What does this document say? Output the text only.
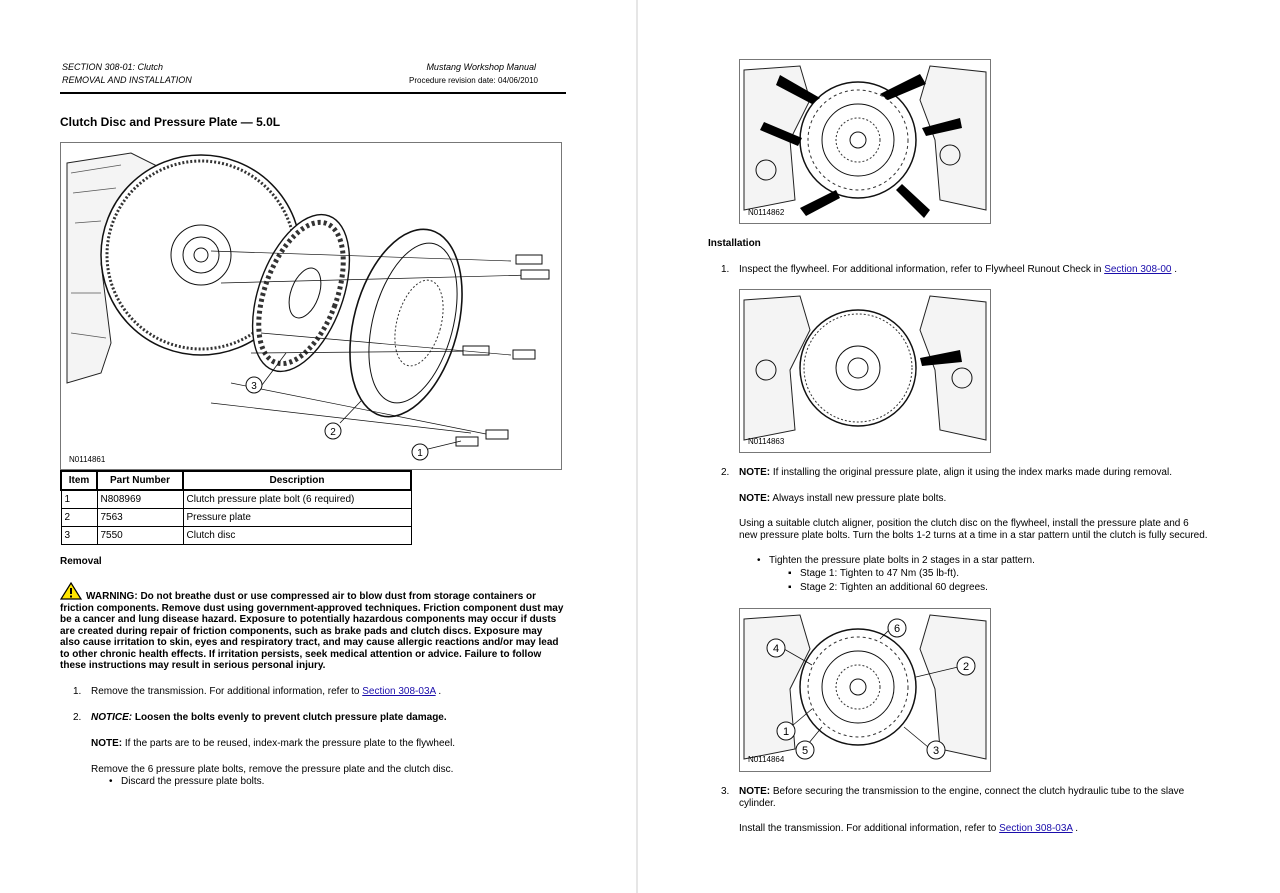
SECTION 308-01: Clutch
REMOVAL AND INSTALLATION
Mustang Workshop Manual
Procedure revision date: 04/06/2010
Clutch Disc and Pressure Plate — 5.0L
3
2
1
N0114861
Item	Part Number	Description
1	N808969	Clutch pressure plate bolt (6 required)
2	7563	Pressure plate
3	7550	Clutch disc
Removal
WARNING: Do not breathe dust or use compressed air to blow dust from storage containers or friction components. Remove dust using government-approved techniques. Friction component dust may be a cancer and lung disease hazard. Exposure to potentially hazardous components may occur if dusts are created during repair of friction components, such as brake pads and clutch discs. Exposure may also cause irritation to skin, eyes and respiratory tract, and may cause allergic reactions and/or may lead to other chronic health effects. If irritation persists, seek medical attention or advice. Failure to follow these instructions may result in serious personal injury.
1. Remove the transmission. For additional information, refer to Section 308-03A .
2. NOTICE: Loosen the bolts evenly to prevent clutch pressure plate damage.
NOTE: If the parts are to be reused, index-mark the pressure plate to the flywheel.
Remove the 6 pressure plate bolts, remove the pressure plate and the clutch disc.
• Discard the pressure plate bolts.
N0114862
Installation
1. Inspect the flywheel. For additional information, refer to Flywheel Runout Check in Section 308-00 .
N0114863
2. NOTE: If installing the original pressure plate, align it using the index marks made during removal.
NOTE: Always install new pressure plate bolts.
Using a suitable clutch aligner, position the clutch disc on the flywheel, install the pressure plate and 6 new pressure plate bolts. Turn the bolts 1-2 turns at a time in a star pattern until the clutch is fully secured.
• Tighten the pressure plate bolts in 2 stages in a star pattern.
▪ Stage 1: Tighten to 47 Nm (35 lb-ft).
▪ Stage 2: Tighten an additional 60 degrees.
1
2
3
4
5
6
N0114864
3. NOTE: Before securing the transmission to the engine, connect the clutch hydraulic tube to the slave cylinder.
Install the transmission. For additional information, refer to Section 308-03A .
